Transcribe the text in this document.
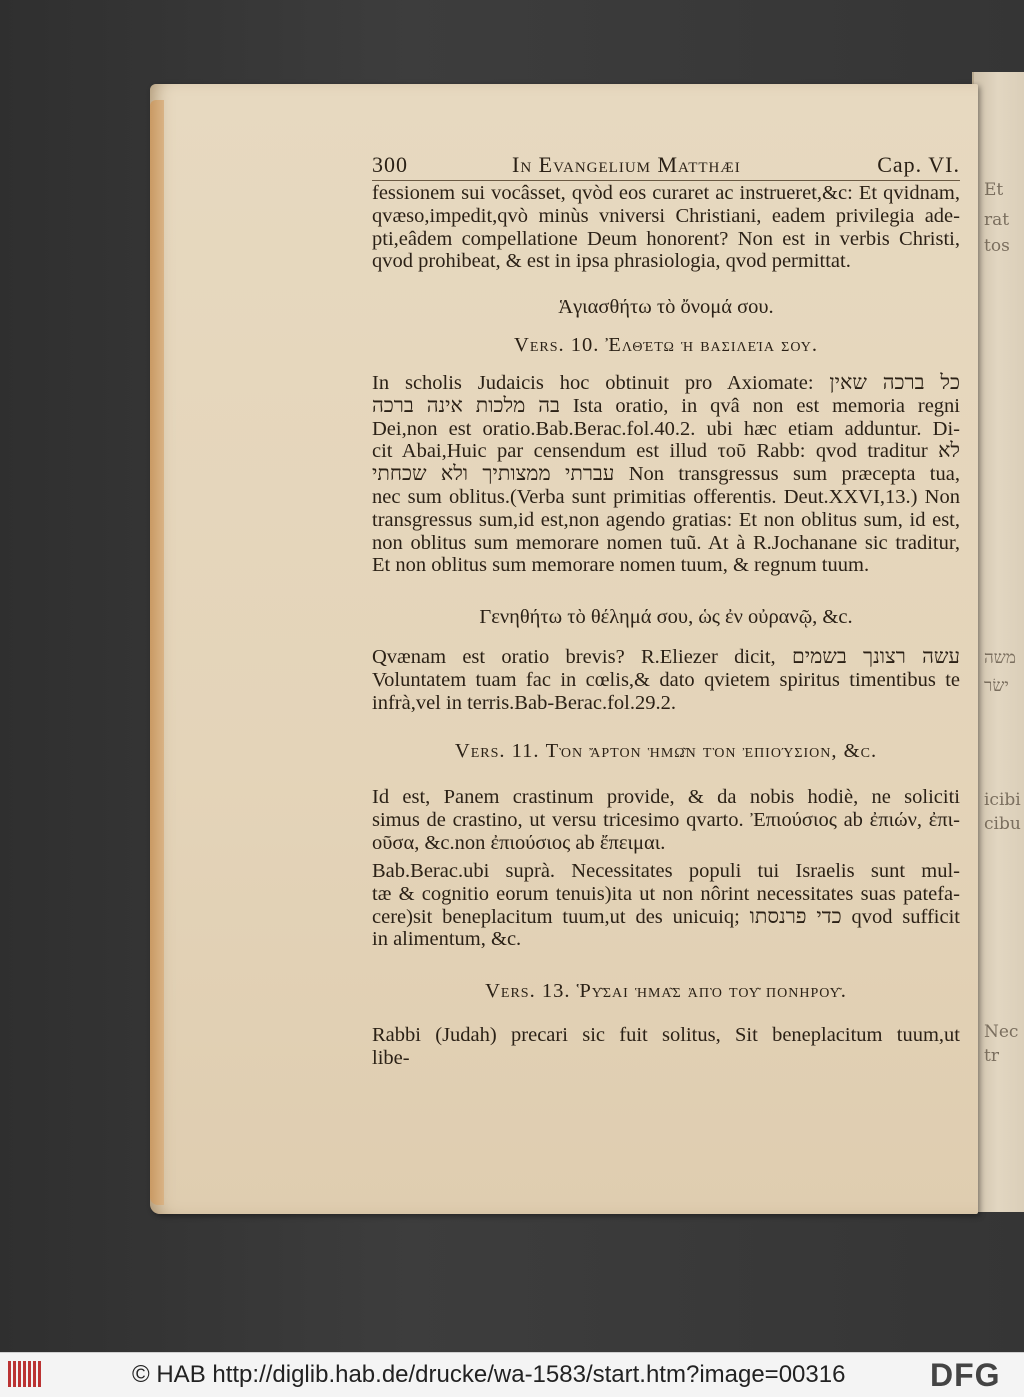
Et
rat
tos
משה
ישׂר
icibi
cibu
Nec
tr
300	In Evangelium Matthæi	Cap. VI.
fessionem sui vocâsset, qvòd eos curaret ac instrueret,&c: Et qvidnam,
qvæso,impedit,qvò minùs vniversi Christiani, eadem privilegia ade-
pti,eâdem compellatione Deum honorent? Non est in verbis Christi,
qvod prohibeat, & est in ipsa phrasiologia, qvod permittat.
Ἁγιασθήτω τὸ ὄνομά σου.
Vers. 10. Ἐλθέτω ἡ βασιλεία σου.
In scholis Judaicis hoc obtinuit pro Axiomate: כל ברכה שאין
בה מלכות אינה ברכה Ista oratio, in qvâ non est memoria regni
Dei,non est oratio.Bab.Berac.fol.40.2. ubi hæc etiam adduntur. Di-
cit Abai,Huic par censendum est illud τοῦ Rabb: qvod traditur לא
עברתי ממצותיך ולא שכחתי Non transgressus sum præcepta tua,
nec sum oblitus.(Verba sunt primitias offerentis. Deut.XXVI,13.) Non
transgressus sum,id est,non agendo gratias: Et non oblitus sum, id est,
non oblitus sum memorare nomen tuũ. At à R.Jochanane sic traditur,
Et non oblitus sum memorare nomen tuum, & regnum tuum.
Γενηθήτω τὸ θέλημά σου, ὡς ἐν οὐρανῷ, &c.
Qvænam est oratio brevis? R.Eliezer dicit, עשה רצונך בשמים
Voluntatem tuam fac in cœlis,& dato qvietem spiritus timentibus te
infrà,vel in terris.Bab-Berac.fol.29.2.
Vers. 11. Τὸν ἄρτον ἡμῶν τὸν ἐπιούσιον, &c.
Id est, Panem crastinum provide, & da nobis hodiè, ne soliciti
simus de crastino, ut versu tricesimo qvarto. Ἐπιούσιος ab ἐπιών, ἐπι-
οῦσα, &c.non ἐπιούσιος ab ἔπειμαι.
Bab.Berac.ubi suprà. Necessitates populi tui Israelis sunt mul-
tæ & cognitio eorum tenuis)ita ut non nôrint necessitates suas patefa-
cere)sit beneplacitum tuum,ut des unicuiq; כדי פרנסתו qvod sufficit
in alimentum, &c.
Vers. 13. Ῥῦσαι ἡμᾶς ἀπὸ τοῦ πονηροῦ.
Rabbi (Judah) precari sic fuit solitus, Sit beneplacitum tuum,ut
libe-
© HAB http://diglib.hab.de/drucke/wa-1583/start.htm?image=00316	DFG
